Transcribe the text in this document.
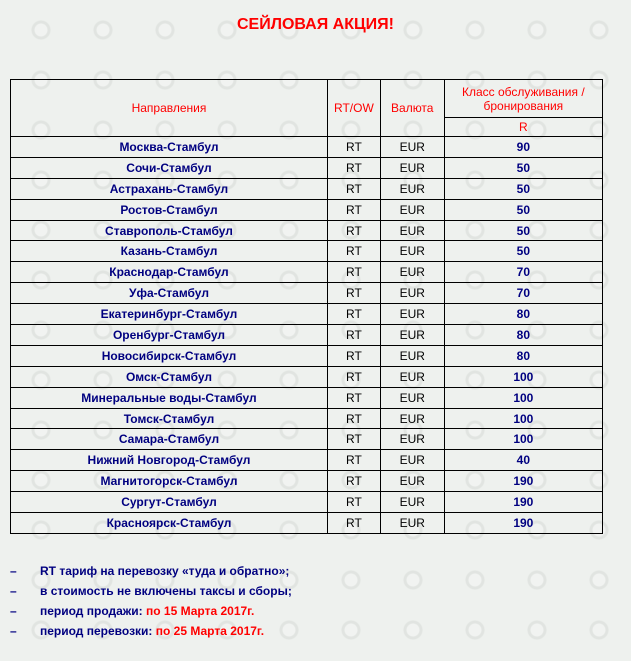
СЕЙЛОВАЯ АКЦИЯ!
Направления	RT/OW	Валюта	Класс обслуживания / бронирования
			R
Москва-Стамбул	RT	EUR	90
Сочи-Стамбул	RT	EUR	50
Астрахань-Стамбул	RT	EUR	50
Ростов-Стамбул	RT	EUR	50
Ставрополь-Стамбул	RT	EUR	50
Казань-Стамбул	RT	EUR	50
Краснодар-Стамбул	RT	EUR	70
Уфа-Стамбул	RT	EUR	70
Екатеринбург-Стамбул	RT	EUR	80
Оренбург-Стамбул	RT	EUR	80
Новосибирск-Стамбул	RT	EUR	80
Омск-Стамбул	RT	EUR	100
Минеральные воды-Стамбул	RT	EUR	100
Томск-Стамбул	RT	EUR	100
Самара-Стамбул	RT	EUR	100
Нижний Новгород-Стамбул	RT	EUR	40
Магнитогорск-Стамбул	RT	EUR	190
Сургут-Стамбул	RT	EUR	190
Красноярск-Стамбул	RT	EUR	190
– RT тариф на перевозку «туда и обратно»;
– в стоимость не включены таксы и сборы;
– период продажи: по 15 Марта 2017г.
– период перевозки: по 25 Марта 2017г.
